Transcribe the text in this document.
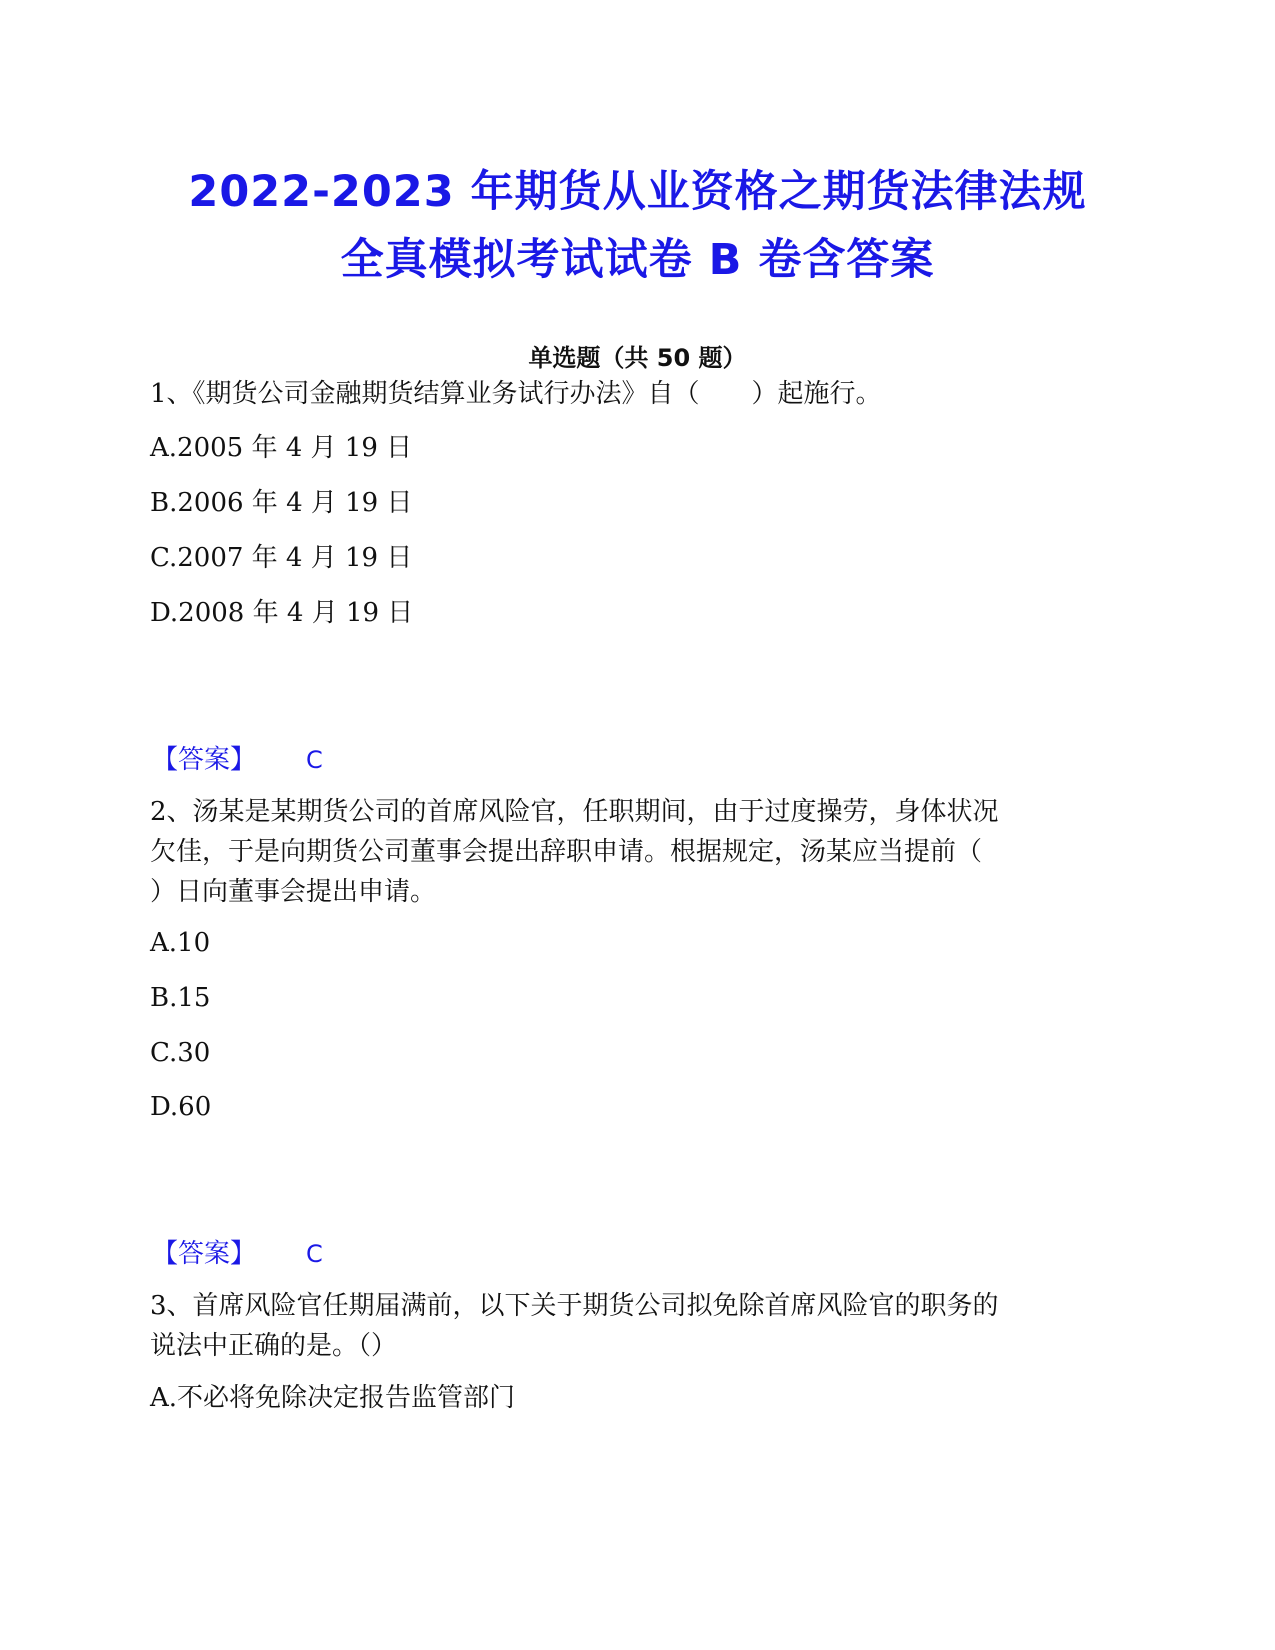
2022-2023 年期货从业资格之期货法律法规
全真模拟考试试卷 B 卷含答案
单选题（共 50 题）
1、《期货公司金融期货结算业务试行办法》自（　　）起施行。
A.2005 年 4 月 19 日
B.2006 年 4 月 19 日
C.2007 年 4 月 19 日
D.2008 年 4 月 19 日
【答案】 C
2、汤某是某期货公司的首席风险官，任职期间，由于过度操劳，身体状况
欠佳，于是向期货公司董事会提出辞职申请。根据规定，汤某应当提前（
）日向董事会提出申请。
A.10
B.15
C.30
D.60
【答案】 C
3、首席风险官任期届满前，以下关于期货公司拟免除首席风险官的职务的
说法中正确的是。（）
A.不必将免除决定报告监管部门
